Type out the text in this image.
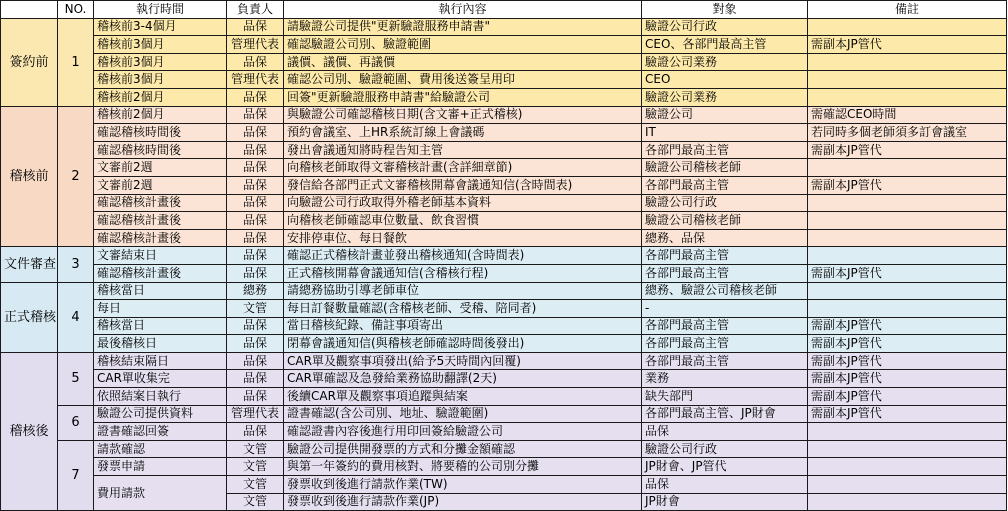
	NO.	執行時間	負責人	執行內容	對象	備註
簽約前	1	稽核前3-4個月	品保	請驗證公司提供"更新驗證服務申請書"	驗證公司行政	
		稽核前3個月	管理代表	確認驗證公司別、驗證範圍	CEO、各部門最高主管	需副本JP管代
		稽核前3個月	品保	議價、議價、再議價	驗證公司業務	
		稽核前3個月	管理代表	確認公司別、驗證範圍、費用後送簽呈用印	CEO	
		稽核前2個月	品保	回簽"更新驗證服務申請書"給驗證公司	驗證公司業務	
稽核前	2	稽核前2個月	品保	與驗證公司確認稽核日期(含文審+正式稽核)	驗證公司	需確認CEO時間
		確認稽核時間後	品保	預約會議室、上HR系統訂線上會議碼	IT	若同時多個老師須多訂會議室
		確認稽核時間後	品保	發出會議通知將時程告知主管	各部門最高主管	需副本JP管代
		文審前2週	品保	向稽核老師取得文審稽核計畫(含詳細章節)	驗證公司稽核老師	
		文審前2週	品保	發信給各部門正式文審稽核開幕會議通知信(含時間表)	各部門最高主管	需副本JP管代
		確認稽核計畫後	品保	向驗證公司行政取得外稽老師基本資料	驗證公司行政	
		確認稽核計畫後	品保	向稽核老師確認車位數量、飲食習慣	驗證公司稽核老師	
		確認稽核計畫後	品保	安排停車位、每日餐飲	總務、品保	
文件審查	3	文審結束日	品保	確認正式稽核計畫並發出稽核通知(含時間表)	各部門最高主管	
		確認稽核計畫後	品保	正式稽核開幕會議通知信(含稽核行程)	各部門最高主管	需副本JP管代
正式稽核	4	稽核當日	總務	請總務協助引導老師車位	總務、驗證公司稽核老師	
		每日	文管	每日訂餐數量確認(含稽核老師、受稽、陪同者)	-	
		稽核當日	品保	當日稽核紀錄、備註事項寄出	各部門最高主管	需副本JP管代
		最後稽核日	品保	閉幕會議通知信(與稽核老師確認時間後發出)	各部門最高主管	需副本JP管代
稽核後	5	稽核結束隔日	品保	CAR單及觀察事項發出(給予5天時間內回覆)	各部門最高主管	需副本JP管代
		CAR單收集完	品保	CAR單確認及急發給業務協助翻譯(2天)	業務	需副本JP管代
		依照結案日執行	品保	後續CAR單及觀察事項追蹤與結案	缺失部門	需副本JP管代
	6	驗證公司提供資料	管理代表	證書確認(含公司別、地址、驗證範圍)	各部門最高主管、JP財會	需副本JP管代
		證書確認回簽	品保	確認證書內容後進行用印回簽給驗證公司	品保	
	7	請款確認	文管	驗證公司提供開發票的方式和分攤金額確認	驗證公司行政	
		發票申請	文管	與第一年簽約的費用核對、將要稽的公司別分攤	JP財會、JP管代	
		費用請款	文管	發票收到後進行請款作業(TW)	品保	
			文管	發票收到後進行請款作業(JP)	JP財會	
